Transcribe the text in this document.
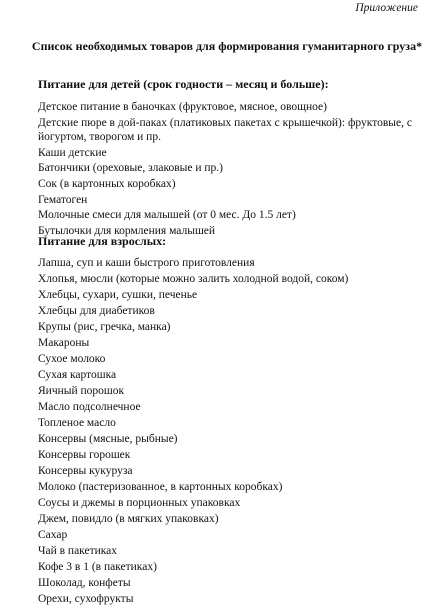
Приложение
Список необходимых товаров для формирования гуманитарного груза*
Питание для детей (срок годности – месяц и больше):
Детское питание в баночках (фруктовое, мясное, овощное)
Детские пюре в дой-паках (платиковых пакетах с крышечкой): фруктовые, с йогуртом, творогом и пр.
Каши детские
Батончики (ореховые, злаковые и пр.)
Сок (в картонных коробках)
Гематоген
Молочные смеси для малышей (от 0 мес. До 1.5 лет)
Бутылочки для кормления малышей
Питание для взрослых:
Лапша, суп и каши быстрого приготовления
Хлопья, мюсли (которые можно залить холодной водой, соком)
Хлебцы, сухари, сушки, печенье
Хлебцы для диабетиков
Крупы (рис, гречка, манка)
Макароны
Сухое молоко
Сухая картошка
Яичный порошок
Масло подсолнечное
Топленое масло
Консервы (мясные, рыбные)
Консервы горошек
Консервы кукуруза
Молоко (пастеризованное, в картонных коробках)
Соусы и джемы в порционных упаковках
Джем, повидло (в мягких упаковках)
Сахар
Чай в пакетиках
Кофе 3 в 1 (в пакетиках)
Шоколад, конфеты
Орехи, сухофрукты
